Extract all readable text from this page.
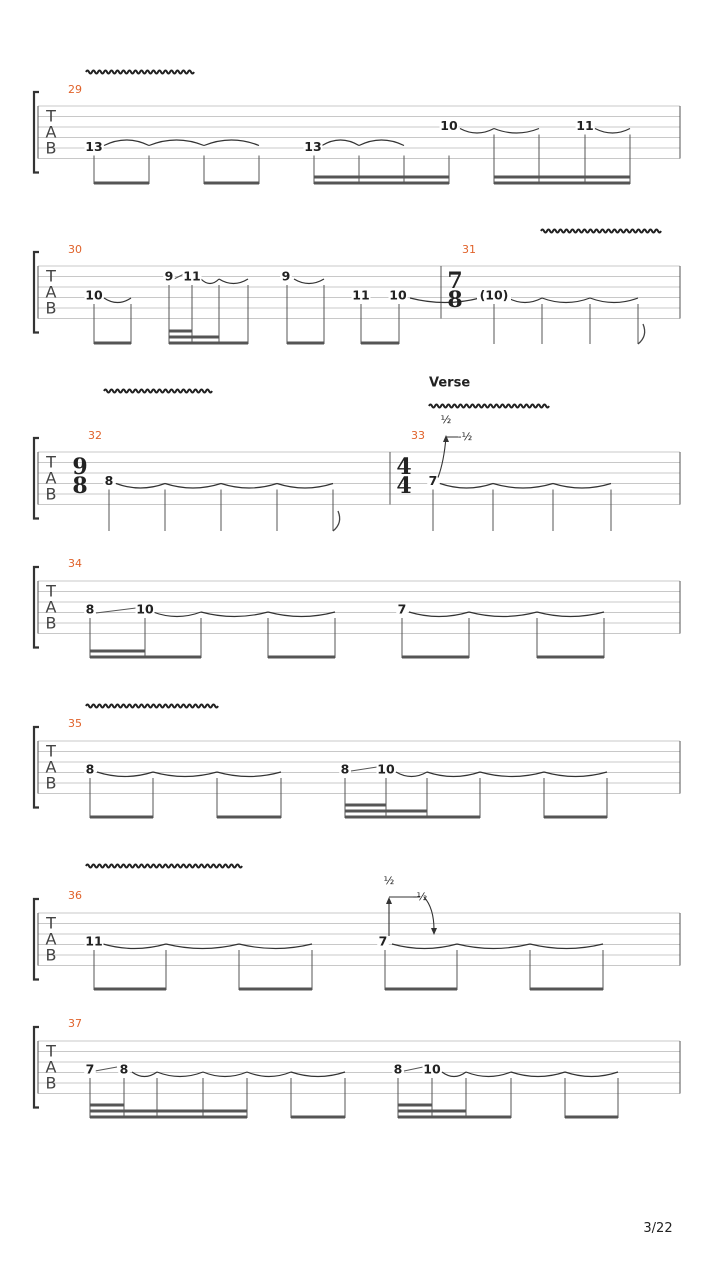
T
A
B
29
13	13
10	11
T
A
B
30	31
10
9 11	9
11 10
7
8 (10)
T
A
B
Verse
32	33
9
8 8
4
4 7
½
-½
T
A
B
34
8	10	7
T
A
B
35
8	8 10
T
A
B
36
11	7
½
-½
T
A
B
37
7 8	8 10
3/22
